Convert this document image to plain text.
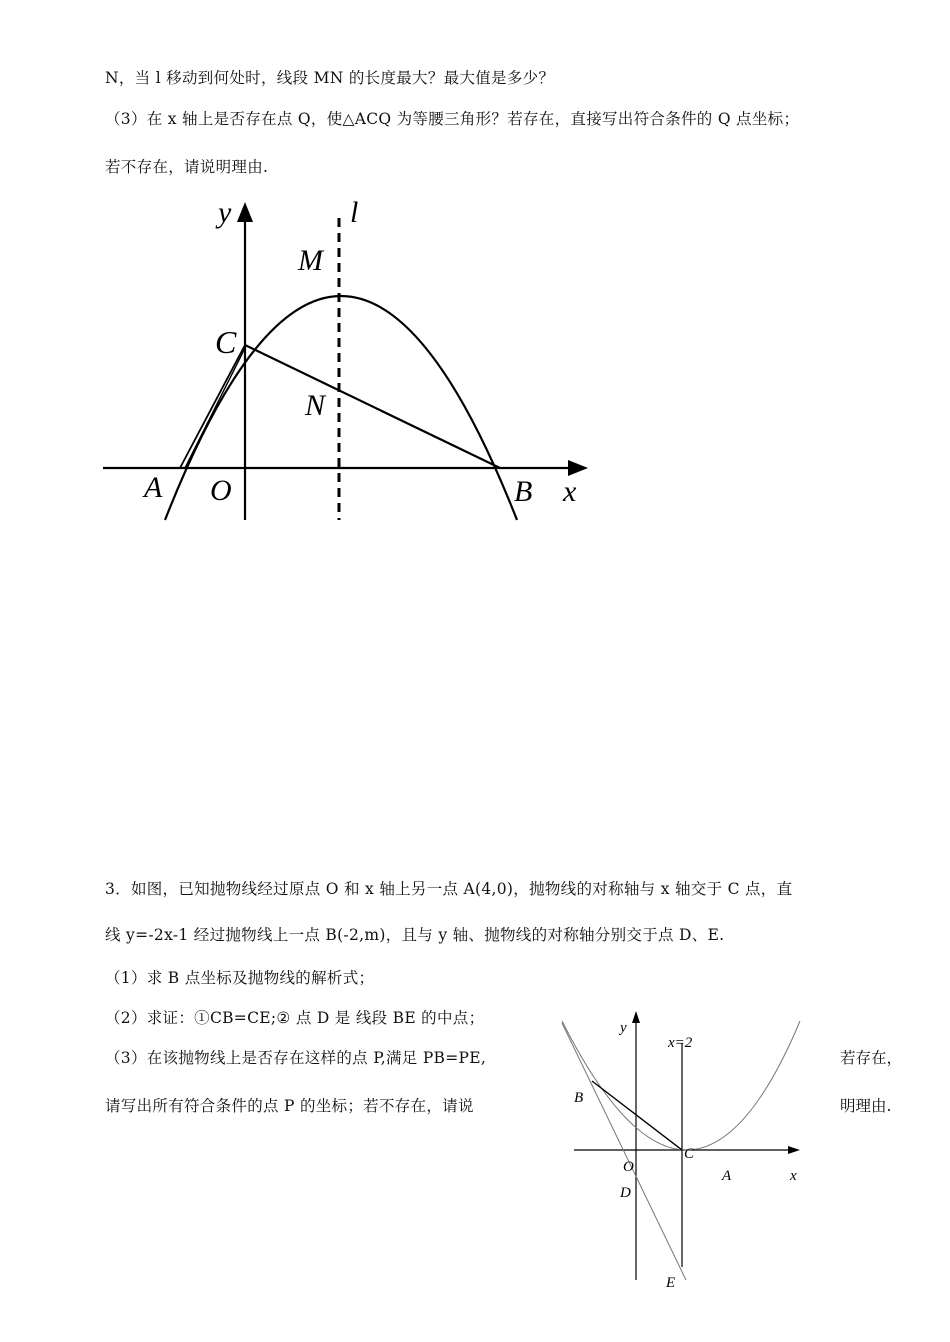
N，当 l 移动到何处时，线段 MN 的长度最大？最大值是多少？
（3）在 x 轴上是否存在点 Q，使△ACQ 为等腰三角形？若存在，直接写出符合条件的 Q 点坐标；
若不存在，请说明理由.
y	l
M
C
N
A O	B x
3．如图，已知抛物线经过原点 O 和 x 轴上另一点 A(4,0)，抛物线的对称轴与 x 轴交于 C 点，直
线 y=-2x-1 经过抛物线上一点 B(-2,m)，且与 y 轴、抛物线的对称轴分别交于点 D、E.
（1）求 B 点坐标及抛物线的解析式；
（2）求证：①CB=CE;② 点 D 是 线段 BE 的中点；
（3）在该抛物线上是否存在这样的点 P,满足 PB=PE,	若存在，
请写出所有符合条件的点 P 的坐标；若不存在，请说	明理由.
y
x=2
B
C
O
A	x
D
E
